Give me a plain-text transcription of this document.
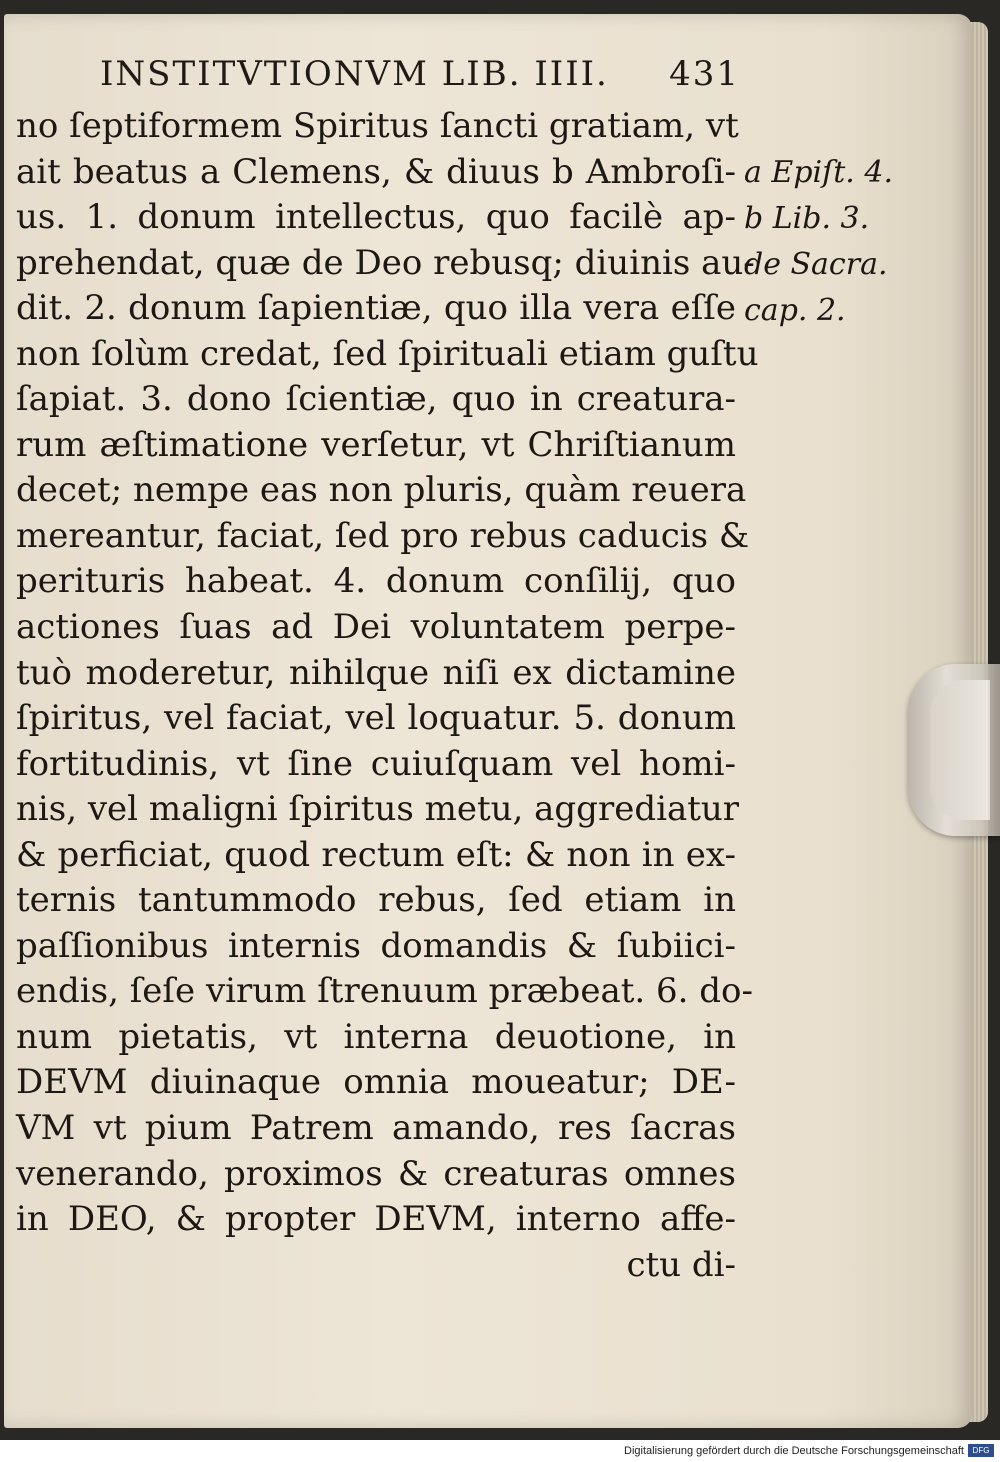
INSTITVTIONVM LIB. IIII. 431
no ſeptiformem Spiritus ſancti gratiam, vt
ait beatus a Clemens, & diuus b Ambroſi-
us. 1. donum intellectus, quo facilè ap-
prehendat, quæ de Deo rebusq; diuinis au-
dit. 2. donum ſapientiæ, quo illa vera eſſe
non ſolùm credat, ſed ſpirituali etiam guſtu
ſapiat. 3. dono ſcientiæ, quo in creatura-
rum æſtimatione verſetur, vt Chriſtianum
decet; nempe eas non pluris, quàm reuera
mereantur, faciat, ſed pro rebus caducis &
perituris habeat. 4. donum conſilij, quo
actiones ſuas ad Dei voluntatem perpe-
tuò moderetur, nihilque niſi ex dictamine
ſpiritus, vel faciat, vel loquatur. 5. donum
fortitudinis, vt ſine cuiuſquam vel homi-
nis, vel maligni ſpiritus metu, aggrediatur
& perficiat, quod rectum eſt: & non in ex-
ternis tantummodo rebus, ſed etiam in
paſſionibus internis domandis & ſubiici-
endis, ſeſe virum ſtrenuum præbeat. 6. do-
num pietatis, vt interna deuotione, in
DEVM diuinaque omnia moueatur; DE-
VM vt pium Patrem amando, res ſacras
venerando, proximos & creaturas omnes
in DEO, & propter DEVM, interno affe-
ctu di-
a Epiſt. 4.
b Lib. 3.
de Sacra.
cap. 2.
Digitalisierung gefördert durch die Deutsche Forschungsgemeinschaft	DFG
